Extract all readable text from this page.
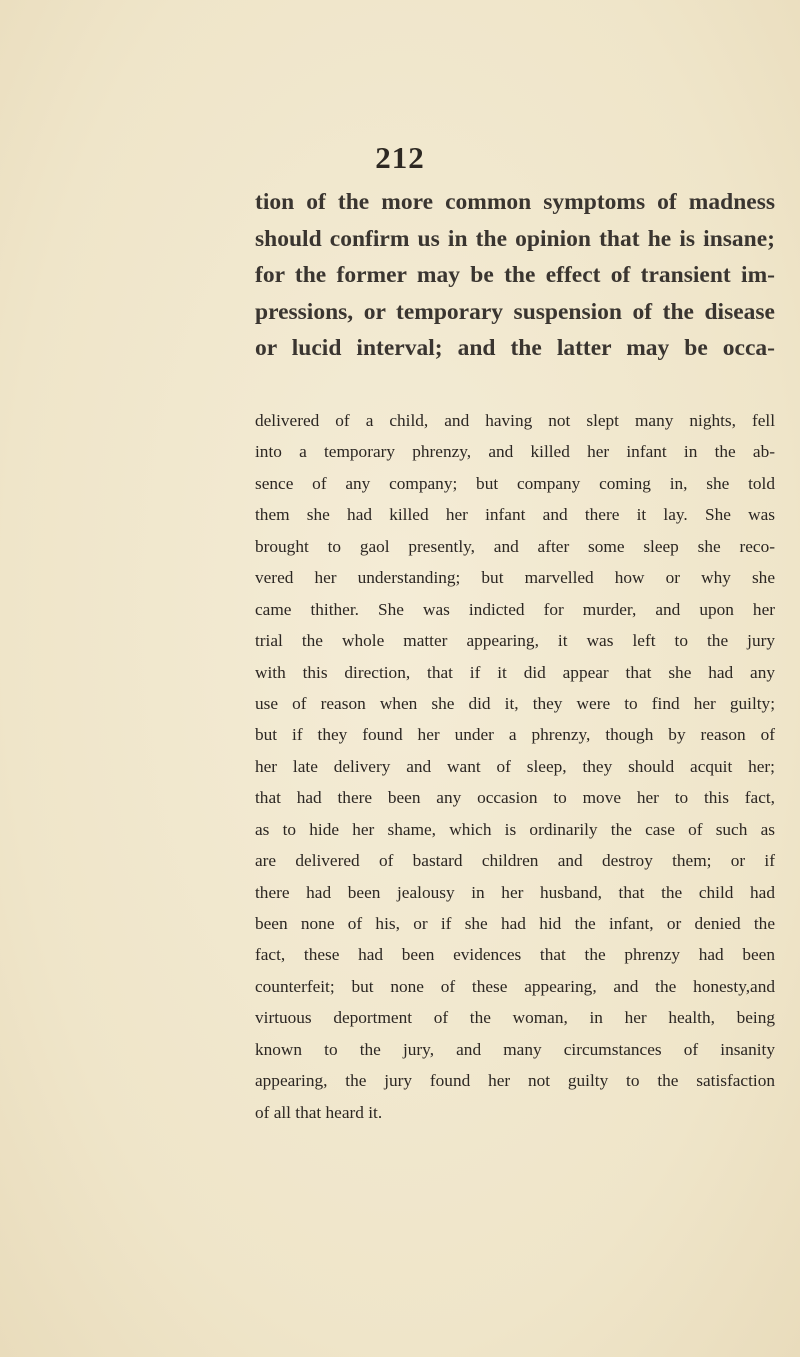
212
tion of the more common symptoms of madness
should confirm us in the opinion that he is insane;
for the former may be the effect of transient im-
pressions, or temporary suspension of the disease
or lucid interval; and the latter may be occa-
delivered of a child, and having not slept many nights, fell
into a temporary phrenzy, and killed her infant in the ab-
sence of any company; but company coming in, she told
them she had killed her infant and there it lay. She was
brought to gaol presently, and after some sleep she reco-
vered her understanding; but marvelled how or why she
came thither. She was indicted for murder, and upon her
trial the whole matter appearing, it was left to the jury
with this direction, that if it did appear that she had any
use of reason when she did it, they were to find her guilty;
but if they found her under a phrenzy, though by reason of
her late delivery and want of sleep, they should acquit her;
that had there been any occasion to move her to this fact,
as to hide her shame, which is ordinarily the case of such as
are delivered of bastard children and destroy them; or if
there had been jealousy in her husband, that the child had
been none of his, or if she had hid the infant, or denied the
fact, these had been evidences that the phrenzy had been
counterfeit; but none of these appearing, and the honesty,and
virtuous deportment of the woman, in her health, being
known to the jury, and many circumstances of insanity
appearing, the jury found her not guilty to the satisfaction
of all that heard it.
